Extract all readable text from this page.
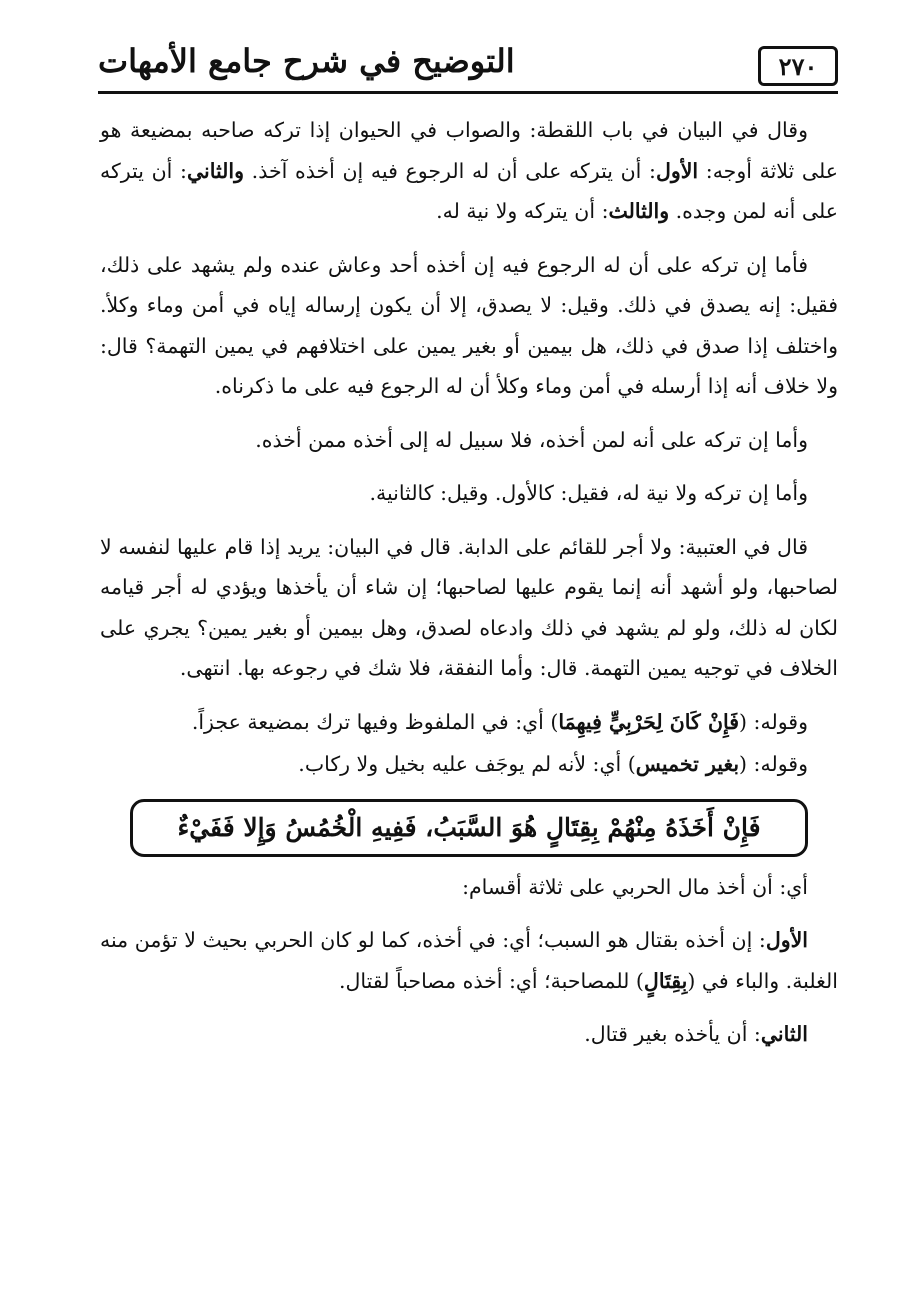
٢٧٠
التوضيح في شرح جامع الأمهات

وقال في البيان في باب اللقطة: والصواب في الحيوان إذا تركه صاحبه بمضيعة هو على ثلاثة أوجه: الأول: أن يتركه على أن له الرجوع فيه إن أخذه آخذ. والثاني: أن يتركه على أنه لمن وجده. والثالث: أن يتركه ولا نية له.

فأما إن تركه على أن له الرجوع فيه إن أخذه أحد وعاش عنده ولم يشهد على ذلك، فقيل: إنه يصدق في ذلك. وقيل: لا يصدق، إلا أن يكون إرساله إياه في أمن وماء وكلأ. واختلف إذا صدق في ذلك، هل بيمين أو بغير يمين على اختلافهم في يمين التهمة؟ قال: ولا خلاف أنه إذا أرسله في أمن وماء وكلأ أن له الرجوع فيه على ما ذكرناه.

وأما إن تركه على أنه لمن أخذه، فلا سبيل له إلى أخذه ممن أخذه.

وأما إن تركه ولا نية له، فقيل: كالأول. وقيل: كالثانية.

قال في العتبية: ولا أجر للقائم على الدابة. قال في البيان: يريد إذا قام عليها لنفسه لا لصاحبها، ولو أشهد أنه إنما يقوم عليها لصاحبها؛ إن شاء أن يأخذها ويؤدي له أجر قيامه لكان له ذلك، ولو لم يشهد في ذلك وادعاه لصدق، وهل بيمين أو بغير يمين؟ يجري على الخلاف في توجيه يمين التهمة. قال: وأما النفقة، فلا شك في رجوعه بها. انتهى.

وقوله: (فَإِنْ كَانَ لِحَرْبِيٍّ فِيهِمَا) أي: في الملفوظ وفيها ترك بمضيعة عجزاً.

وقوله: (بغير تخميس) أي: لأنه لم يوجَف عليه بخيل ولا ركاب.

فَإِنْ أَخَذَهُ مِنْهُمْ بِقِتَالٍ هُوَ السَّبَبُ، فَفِيهِ الْخُمُسُ وَإِلا فَفَيْءٌ

أي: أن أخذ مال الحربي على ثلاثة أقسام:

الأول: إن أخذه بقتال هو السبب؛ أي: في أخذه، كما لو كان الحربي بحيث لا تؤمن منه الغلبة. والباء في (بِقِتَالٍ) للمصاحبة؛ أي: أخذه مصاحباً لقتال.

الثاني: أن يأخذه بغير قتال.
